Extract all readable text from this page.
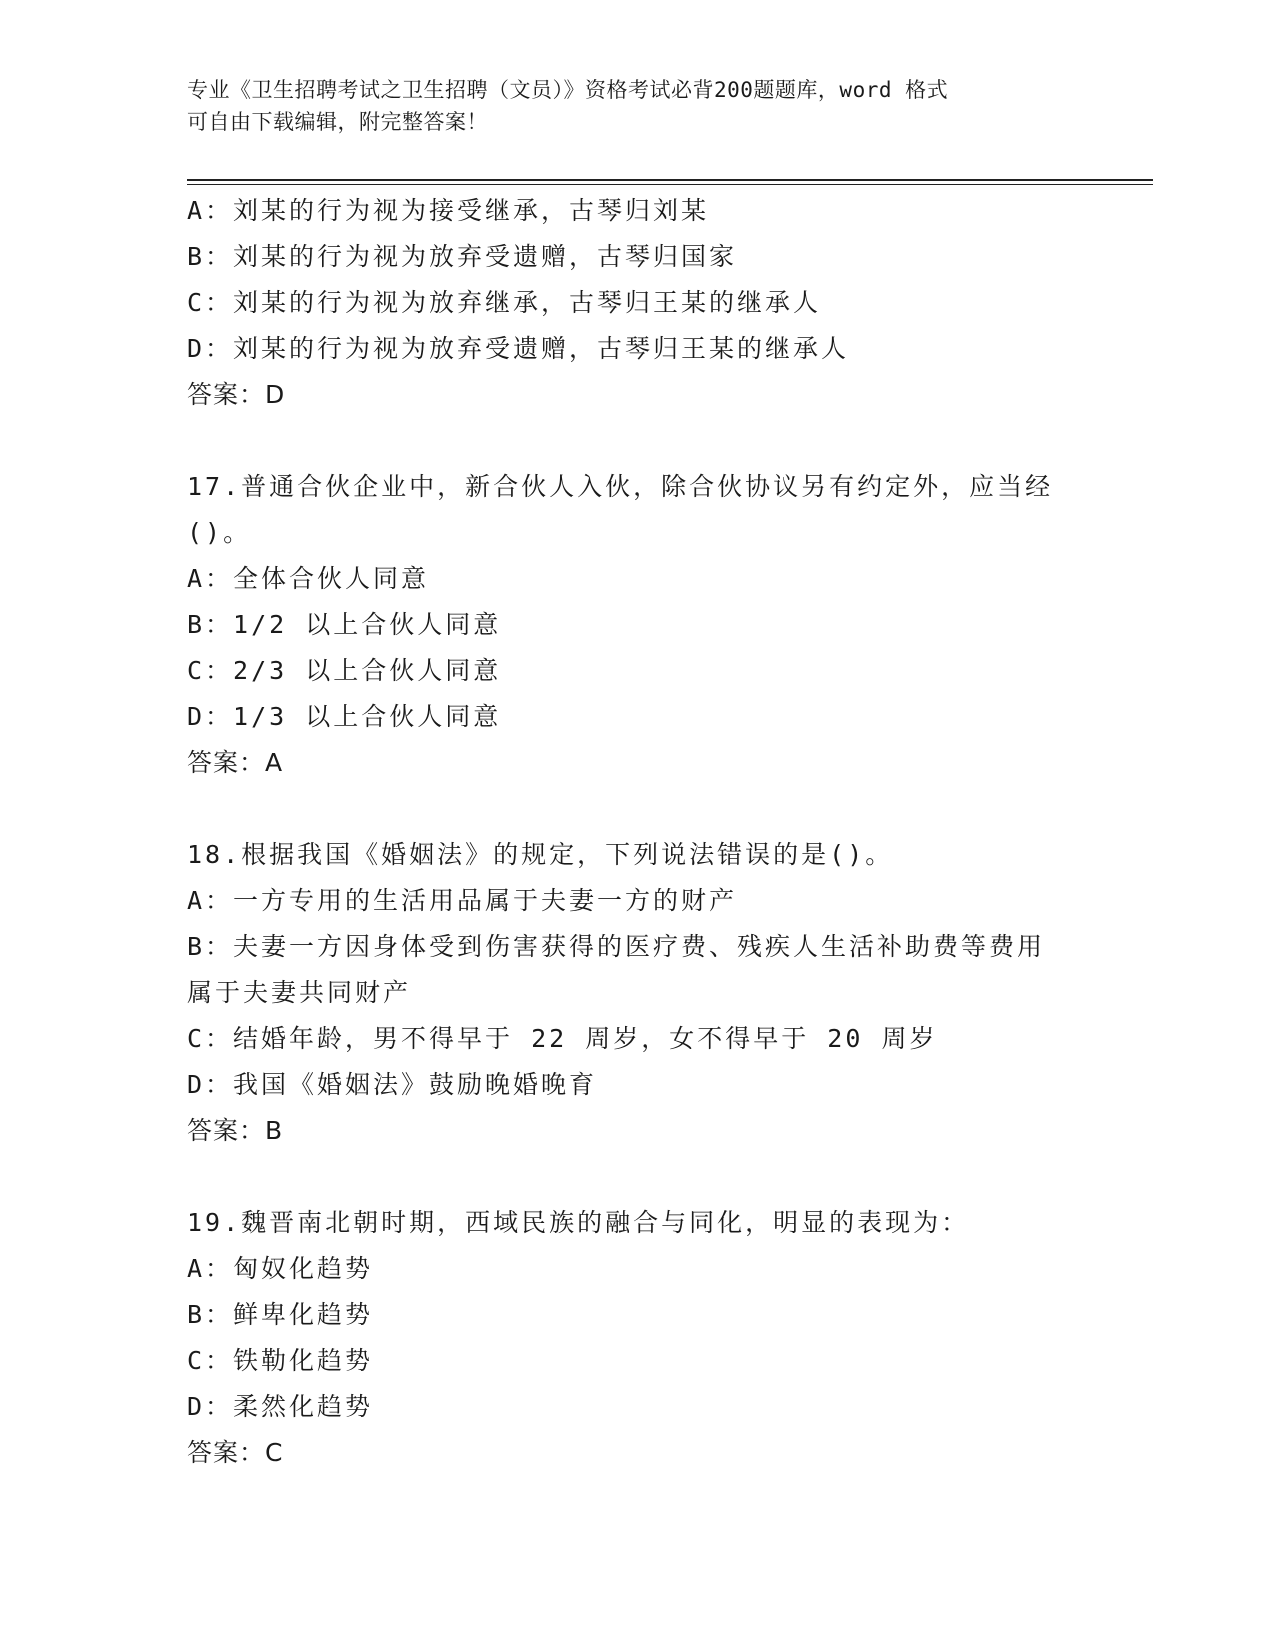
专业《卫生招聘考试之卫生招聘（文员）》资格考试必背200题题库，word 格式
可自由下载编辑，附完整答案！
A：刘某的行为视为接受继承，古琴归刘某
B：刘某的行为视为放弃受遗赠，古琴归国家
C：刘某的行为视为放弃继承，古琴归王某的继承人
D：刘某的行为视为放弃受遗赠，古琴归王某的继承人
答案：D
17.普通合伙企业中，新合伙人入伙，除合伙协议另有约定外，应当经
()。
A：全体合伙人同意
B：1/2 以上合伙人同意
C：2/3 以上合伙人同意
D：1/3 以上合伙人同意
答案：A
18.根据我国《婚姻法》的规定，下列说法错误的是()。
A：一方专用的生活用品属于夫妻一方的财产
B：夫妻一方因身体受到伤害获得的医疗费、残疾人生活补助费等费用
属于夫妻共同财产
C：结婚年龄，男不得早于 22 周岁，女不得早于 20 周岁
D：我国《婚姻法》鼓励晚婚晚育
答案：B
19.魏晋南北朝时期，西域民族的融合与同化，明显的表现为：
A：匈奴化趋势
B：鲜卑化趋势
C：铁勒化趋势
D：柔然化趋势
答案：C
